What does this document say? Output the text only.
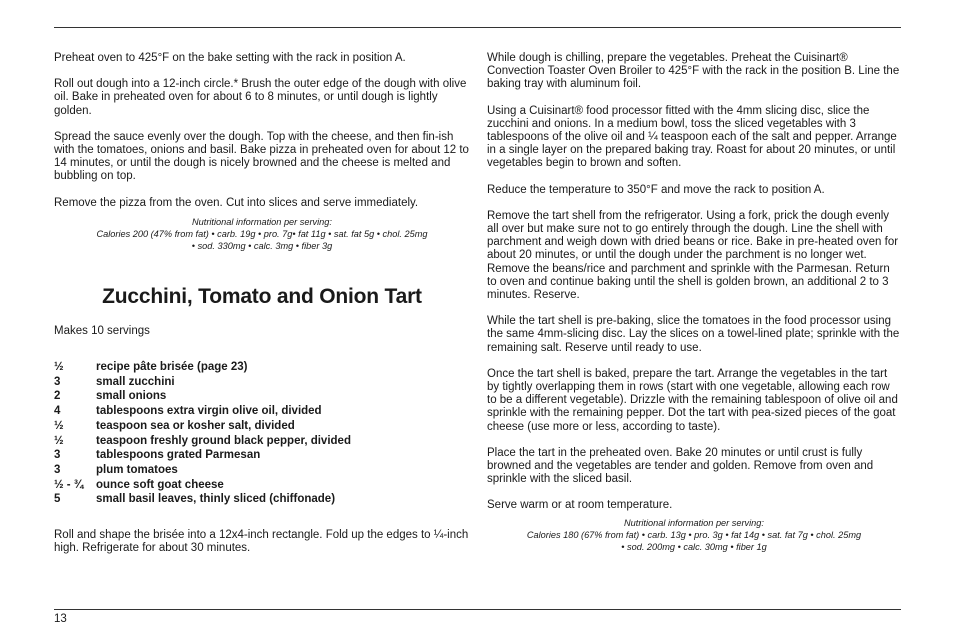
Preheat oven to 425°F on the bake setting with the rack in position A.

Roll out dough into a 12-inch circle.* Brush the outer edge of the dough with olive oil. Bake in preheated oven for about 6 to 8 minutes, or until dough is lightly golden.

Spread the sauce evenly over the dough. Top with the cheese, and then fin-ish with the tomatoes, onions and basil. Bake pizza in preheated oven for about 12 to 14 minutes, or until the dough is nicely browned and the cheese is melted and bubbling on top.

Remove the pizza from the oven. Cut into slices and serve immediately.

Nutritional information per serving:
Calories 200 (47% from fat) • carb. 19g • pro. 7g• fat 11g • sat. fat 5g • chol. 25mg
• sod. 330mg • calc. 3mg • fiber 3g
Zucchini, Tomato and Onion Tart
Makes 10 servings
½	recipe pâte brisée (page 23)
3	small zucchini
2	small onions
4	tablespoons extra virgin olive oil, divided
½	teaspoon sea or kosher salt, divided
½	teaspoon freshly ground black pepper, divided
3	tablespoons grated Parmesan
3	plum tomatoes
½ - ¾	ounce soft goat cheese
5	small basil leaves, thinly sliced (chiffonade)

Roll and shape the brisée into a 12x4-inch rectangle. Fold up the edges to ¼-inch high. Refrigerate for about 30 minutes.

While dough is chilling, prepare the vegetables. Preheat the Cuisinart® Convection Toaster Oven Broiler to 425°F with the rack in the position B. Line the baking tray with aluminum foil.

Using a Cuisinart® food processor fitted with the 4mm slicing disc, slice the zucchini and onions. In a medium bowl, toss the sliced vegetables with 3 tablespoons of the olive oil and ¼ teaspoon each of the salt and pepper. Arrange in a single layer on the prepared baking tray. Roast for about 20 minutes, or until vegetables begin to brown and soften.

Reduce the temperature to 350°F and move the rack to position A.

Remove the tart shell from the refrigerator. Using a fork, prick the dough evenly all over but make sure not to go entirely through the dough. Line the shell with parchment and weigh down with dried beans or rice. Bake in pre-heated oven for about 20 minutes, or until the dough under the parchment is no longer wet. Remove the beans/rice and parchment and sprinkle with the Parmesan. Return to oven and continue baking until the shell is golden brown, an additional 2 to 3 minutes. Reserve.

While the tart shell is pre-baking, slice the tomatoes in the food processor using the same 4mm-slicing disc. Lay the slices on a towel-lined plate; sprinkle with the remaining salt. Reserve until ready to use.

Once the tart shell is baked, prepare the tart. Arrange the vegetables in the tart by tightly overlapping them in rows (start with one vegetable, allowing each row to be a different vegetable). Drizzle with the remaining tablespoon of olive oil and sprinkle with the remaining pepper. Dot the tart with pea-sized pieces of the goat cheese (use more or less, according to taste).

Place the tart in the preheated oven. Bake 20 minutes or until crust is fully browned and the vegetables are tender and golden. Remove from oven and sprinkle with the sliced basil.

Serve warm or at room temperature.

Nutritional information per serving:
Calories 180 (67% from fat) • carb. 13g • pro. 3g • fat 14g • sat. fat 7g • chol. 25mg
• sod. 200mg • calc. 30mg • fiber 1g
13
